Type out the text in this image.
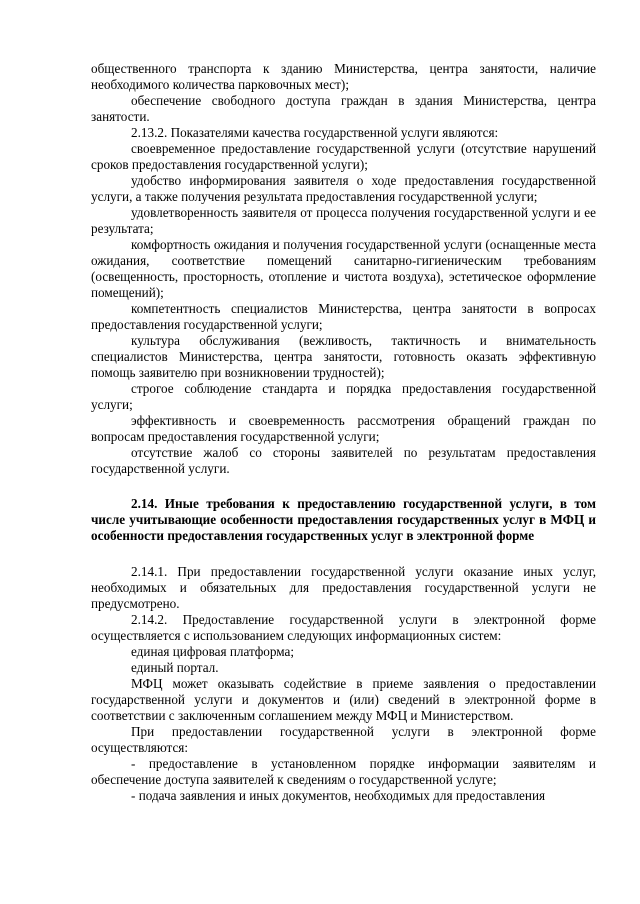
общественного транспорта к зданию Министерства, центра занятости, наличие необходимого количества парковочных мест);

обеспечение свободного доступа граждан в здания Министерства, центра занятости.

2.13.2. Показателями качества государственной услуги являются:

своевременное предоставление государственной услуги (отсутствие нарушений сроков предоставления государственной услуги);

удобство информирования заявителя о ходе предоставления государственной услуги, а также получения результата предоставления государственной услуги;

удовлетворенность заявителя от процесса получения государственной услуги и ее результата;

комфортность ожидания и получения государственной услуги (оснащенные места ожидания, соответствие помещений санитарно-гигиеническим требованиям (освещенность, просторность, отопление и чистота воздуха), эстетическое оформление помещений);

компетентность специалистов Министерства, центра занятости в вопросах предоставления государственной услуги;

культура обслуживания (вежливость, тактичность и внимательность специалистов Министерства, центра занятости, готовность оказать эффективную помощь заявителю при возникновении трудностей);

строгое соблюдение стандарта и порядка предоставления государственной услуги;

эффективность и своевременность рассмотрения обращений граждан по вопросам предоставления государственной услуги;

отсутствие жалоб со стороны заявителей по результатам предоставления государственной услуги.

2.14. Иные требования к предоставлению государственной услуги, в том числе учитывающие особенности предоставления государственных услуг в МФЦ и особенности предоставления государственных услуг в электронной форме

2.14.1. При предоставлении государственной услуги оказание иных услуг, необходимых и обязательных для предоставления государственной услуги не предусмотрено.

2.14.2. Предоставление государственной услуги в электронной форме осуществляется с использованием следующих информационных систем:

единая цифровая платформа;

единый портал.

МФЦ может оказывать содействие в приеме заявления о предоставлении государственной услуги и документов и (или) сведений в электронной форме в соответствии с заключенным соглашением между МФЦ и Министерством.

При предоставлении государственной услуги в электронной форме осуществляются:

- предоставление в установленном порядке информации заявителям и обеспечение доступа заявителей к сведениям о государственной услуге;

- подача заявления и иных документов, необходимых для предоставления
